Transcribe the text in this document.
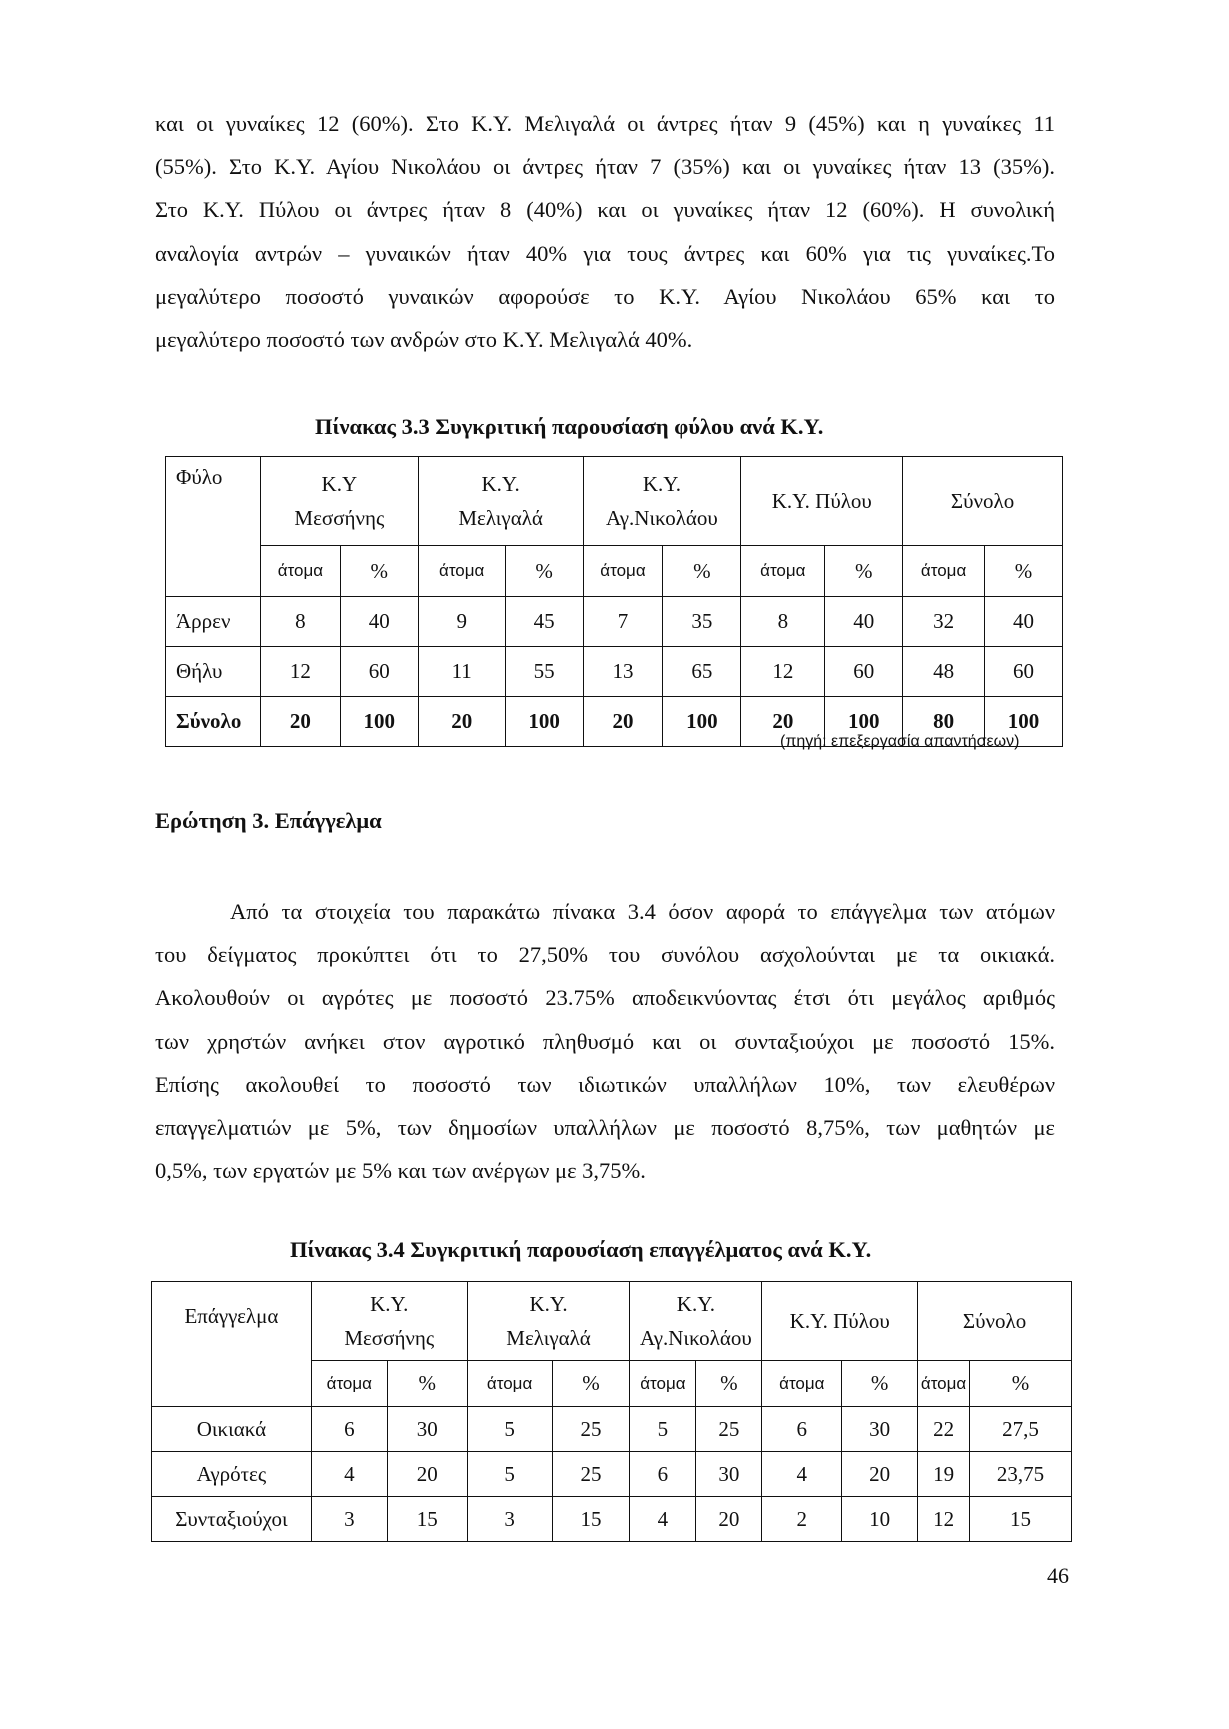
και οι γυναίκες 12 (60%). Στο Κ.Υ. Μελιγαλά οι άντρες ήταν 9 (45%) και η γυναίκες 11
(55%). Στο Κ.Υ. Αγίου Νικολάου οι άντρες ήταν 7 (35%) και οι γυναίκες ήταν 13 (35%).
Στο Κ.Υ. Πύλου οι άντρες ήταν 8 (40%) και οι γυναίκες ήταν 12 (60%). Η συνολική
αναλογία αντρών – γυναικών ήταν 40% για τους άντρες και 60% για τις γυναίκες.Το
μεγαλύτερο ποσοστό γυναικών αφορούσε το Κ.Υ. Αγίου Νικολάου 65% και το
μεγαλύτερο ποσοστό των ανδρών στο Κ.Υ. Μελιγαλά 40%.

Πίνακας 3.3 Συγκριτική παρουσίαση φύλου ανά Κ.Υ.

Φύλο	Κ.Υ
Μεσσήνης		Κ.Υ.
Μελιγαλά		Κ.Υ.
Αγ.Νικολάου		Κ.Υ. Πύλου		Σύνολο	
	άτομα	%	άτομα	%	άτομα	%	άτομα	%	άτομα	%
Άρρεν	8	40	9	45	7	35	8	40	32	40
Θήλυ	12	60	11	55	13	65	12	60	48	60
Σύνολο	20	100	20	100	20	100	20	100	80	100
(πηγή: επεξεργασία απαντήσεων)

Ερώτηση 3. Επάγγελμα

Από τα στοιχεία του παρακάτω πίνακα 3.4 όσον αφορά το επάγγελμα των ατόμων
του δείγματος προκύπτει ότι το 27,50% του συνόλου ασχολούνται με τα οικιακά.
Ακολουθούν οι αγρότες με ποσοστό 23.75% αποδεικνύοντας έτσι ότι μεγάλος αριθμός
των χρηστών ανήκει στον αγροτικό πληθυσμό και οι συνταξιούχοι με ποσοστό 15%.
Επίσης ακολουθεί το ποσοστό των ιδιωτικών υπαλλήλων 10%, των ελευθέρων
επαγγελματιών με 5%, των δημοσίων υπαλλήλων με ποσοστό 8,75%, των μαθητών με
0,5%, των εργατών με 5% και των ανέργων με 3,75%.

Πίνακας 3.4 Συγκριτική παρουσίαση επαγγέλματος ανά Κ.Υ.

Επάγγελμα	Κ.Υ.
Μεσσήνης		Κ.Υ.
Μελιγαλά		Κ.Υ.
Αγ.Νικολάου		Κ.Υ. Πύλου		Σύνολο	
	άτομα	%	άτομα	%	άτομα	%	άτομα	%	άτομα	%
Οικιακά	6	30	5	25	5	25	6	30	22	27,5
Αγρότες	4	20	5	25	6	30	4	20	19	23,75
Συνταξιούχοι	3	15	3	15	4	20	2	10	12	15
46
